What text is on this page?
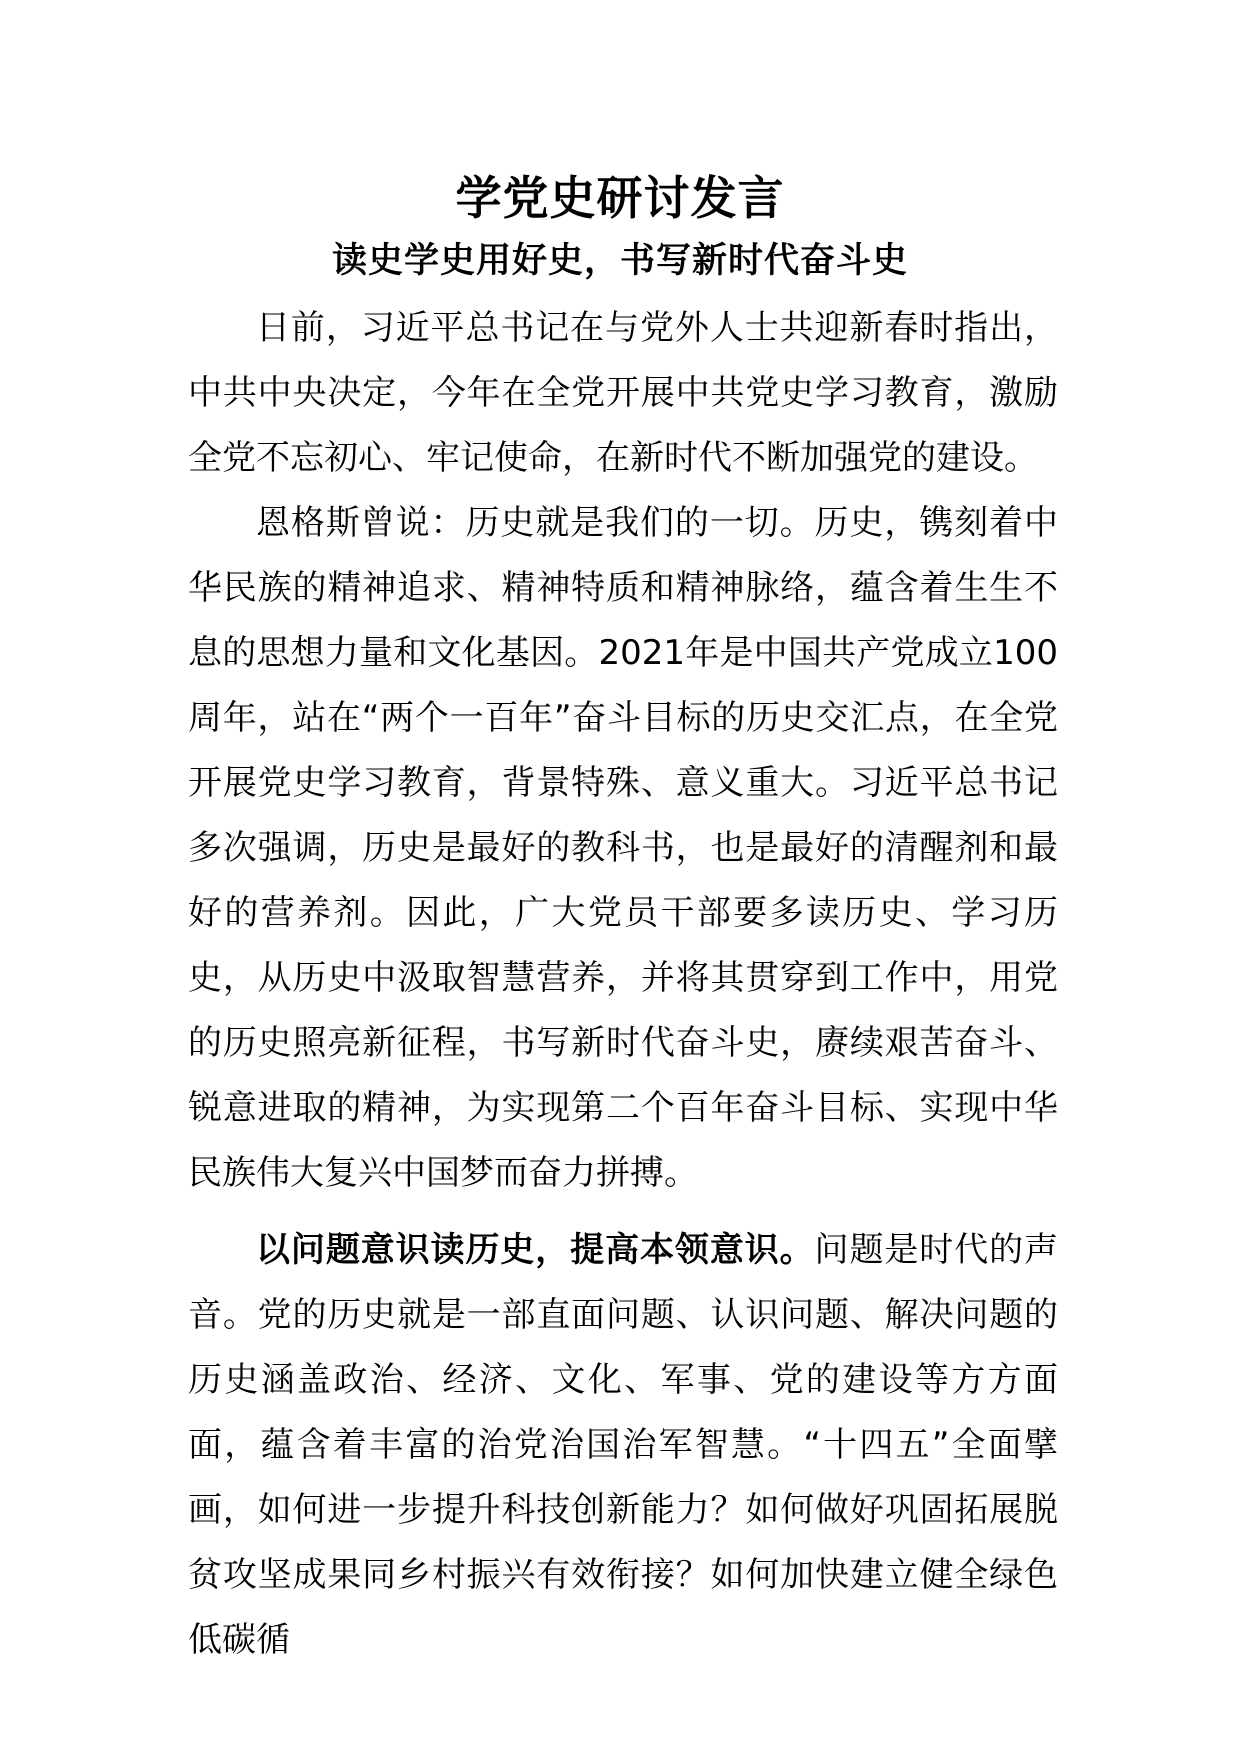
学党史研讨发言
读史学史用好史，书写新时代奋斗史

日前，习近平总书记在与党外人士共迎新春时指出，中共中央决定，今年在全党开展中共党史学习教育，激励全党不忘初心、牢记使命，在新时代不断加强党的建设。

恩格斯曾说：历史就是我们的一切。历史，镌刻着中华民族的精神追求、精神特质和精神脉络，蕴含着生生不息的思想力量和文化基因。2021年是中国共产党成立100周年，站在“两个一百年”奋斗目标的历史交汇点，在全党开展党史学习教育，背景特殊、意义重大。习近平总书记多次强调，历史是最好的教科书，也是最好的清醒剂和最好的营养剂。因此，广大党员干部要多读历史、学习历史，从历史中汲取智慧营养，并将其贯穿到工作中，用党的历史照亮新征程，书写新时代奋斗史，赓续艰苦奋斗、锐意进取的精神，为实现第二个百年奋斗目标、实现中华民族伟大复兴中国梦而奋力拼搏。

以问题意识读历史，提高本领意识。问题是时代的声音。党的历史就是一部直面问题、认识问题、解决问题的历史涵盖政治、经济、文化、军事、党的建设等方方面面，蕴含着丰富的治党治国治军智慧。“十四五”全面擘画，如何进一步提升科技创新能力？如何做好巩固拓展脱贫攻坚成果同乡村振兴有效衔接？如何加快建立健全绿色低碳循
